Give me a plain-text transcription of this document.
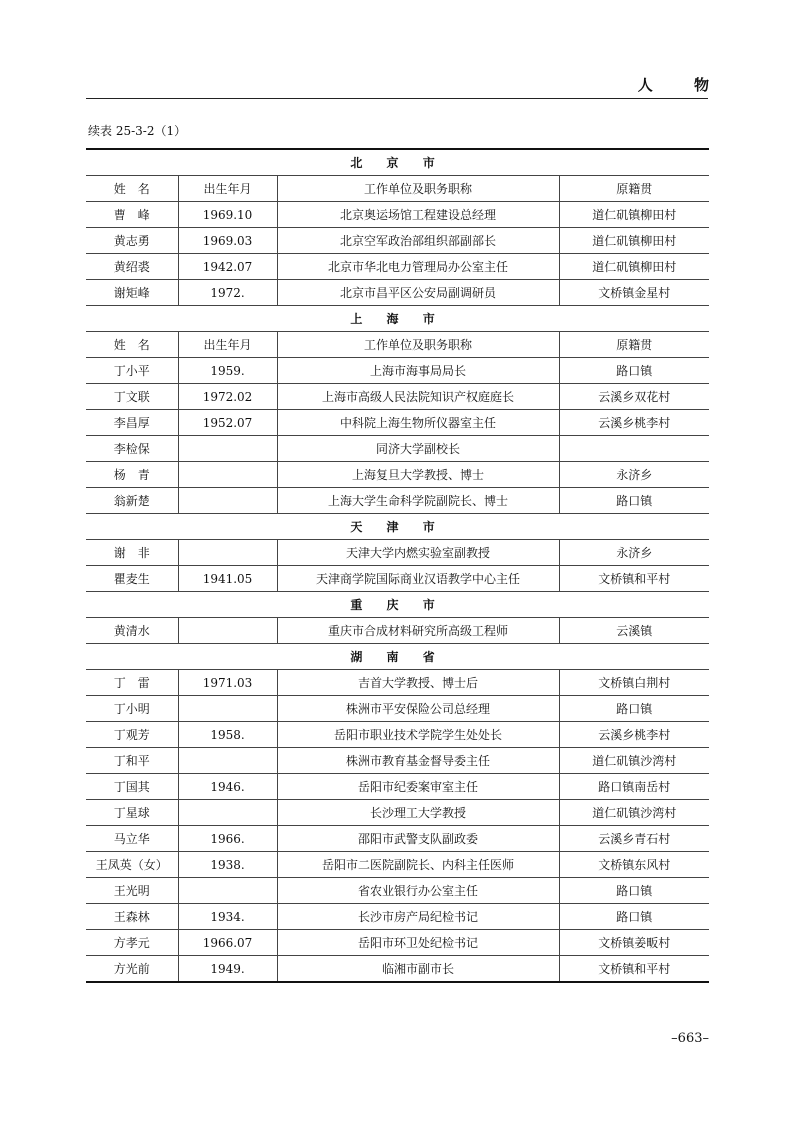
人 物
续表 25-3-2（1）
北 京 市			
姓　名	出生年月	工作单位及职务职称	原籍贯
曹　峰	1969.10	北京奥运场馆工程建设总经理	道仁矶镇柳田村
黄志勇	1969.03	北京空军政治部组织部副部长	道仁矶镇柳田村
黄绍裘	1942.07	北京市华北电力管理局办公室主任	道仁矶镇柳田村
谢矩峰	1972.	北京市昌平区公安局副调研员	文桥镇金星村
上 海 市			
姓　名	出生年月	工作单位及职务职称	原籍贯
丁小平	1959.	上海市海事局局长	路口镇
丁文联	1972.02	上海市高级人民法院知识产权庭庭长	云溪乡双花村
李昌厚	1952.07	中科院上海生物所仪器室主任	云溪乡桃李村
李检保		同济大学副校长	
杨　青		上海复旦大学教授、博士	永济乡
翁新楚		上海大学生命科学院副院长、博士	路口镇
天 津 市			
谢　非		天津大学内燃实验室副教授	永济乡
瞿麦生	1941.05	天津商学院国际商业汉语教学中心主任	文桥镇和平村
重 庆 市			
黄清水		重庆市合成材料研究所高级工程师	云溪镇
湖 南 省			
丁　雷	1971.03	吉首大学教授、博士后	文桥镇白荆村
丁小明		株洲市平安保险公司总经理	路口镇
丁观芳	1958.	岳阳市职业技术学院学生处处长	云溪乡桃李村
丁和平		株洲市教育基金督导委主任	道仁矶镇沙湾村
丁国其	1946.	岳阳市纪委案审室主任	路口镇南岳村
丁星球		长沙理工大学教授	道仁矶镇沙湾村
马立华	1966.	邵阳市武警支队副政委	云溪乡青石村
王凤英（女）	1938.	岳阳市二医院副院长、内科主任医师	文桥镇东风村
王光明		省农业银行办公室主任	路口镇
王森林	1934.	长沙市房产局纪检书记	路口镇
方孝元	1966.07	岳阳市环卫处纪检书记	文桥镇姜畈村
方光前	1949.	临湘市副市长	文桥镇和平村
–663–
